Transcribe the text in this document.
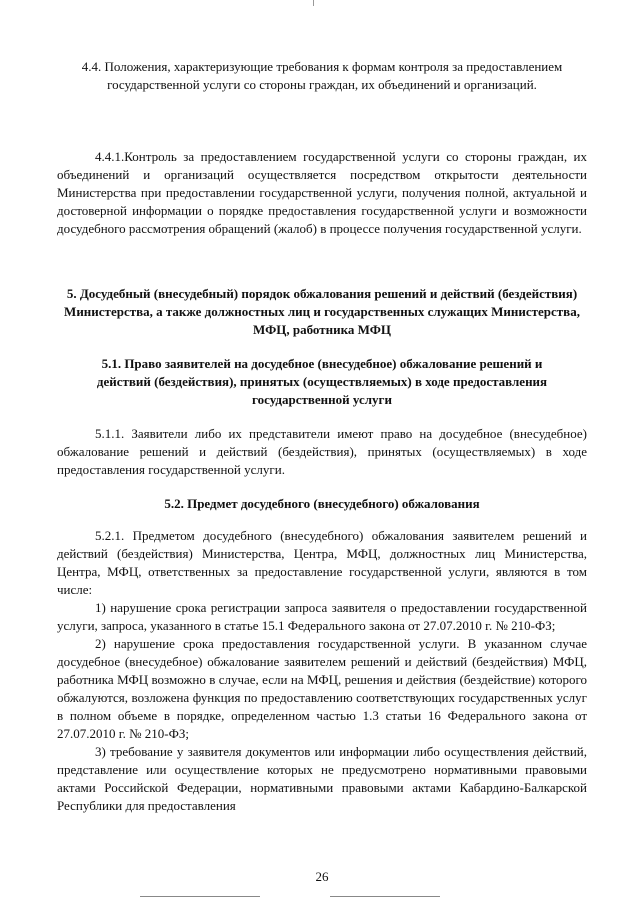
4.4. Положения, характеризующие требования к формам контроля за предоставлением государственной услуги со стороны граждан, их объединений и организаций.

4.4.1.Контроль за предоставлением государственной услуги со стороны граждан, их объединений и организаций осуществляется посредством открытости деятельности Министерства при предоставлении государственной услуги, получения полной, актуальной и достоверной информации о порядке предоставления государственной услуги и возможности досудебного рассмотрения обращений (жалоб) в процессе получения государственной услуги.

5. Досудебный (внесудебный) порядок обжалования решений и действий (бездействия) Министерства, а также должностных лиц и государственных служащих Министерства, МФЦ, работника МФЦ

5.1. Право заявителей на досудебное (внесудебное) обжалование решений и действий (бездействия), принятых (осуществляемых) в ходе предоставления государственной услуги

5.1.1. Заявители либо их представители имеют право на досудебное (внесудебное) обжалование решений и действий (бездействия), принятых (осуществляемых) в ходе предоставления государственной услуги.

5.2. Предмет досудебного (внесудебного) обжалования

5.2.1. Предметом досудебного (внесудебного) обжалования заявителем решений и действий (бездействия) Министерства, Центра, МФЦ, должностных лиц Министерства, Центра, МФЦ, ответственных за предоставление государственной услуги, являются в том числе:

1) нарушение срока регистрации запроса заявителя о предоставлении государственной услуги, запроса, указанного в статье 15.1 Федерального закона от 27.07.2010 г. № 210-ФЗ;

2) нарушение срока предоставления государственной услуги. В указанном случае досудебное (внесудебное) обжалование заявителем решений и действий (бездействия) МФЦ, работника МФЦ возможно в случае, если на МФЦ, решения и действия (бездействие) которого обжалуются, возложена функция по предоставлению соответствующих государственных услуг в полном объеме в порядке, определенном частью 1.3 статьи 16 Федерального закона от 27.07.2010 г. № 210-ФЗ;

3) требование у заявителя документов или информации либо осуществления действий, представление или осуществление которых не предусмотрено нормативными правовыми актами Российской Федерации, нормативными правовыми актами Кабардино-Балкарской Республики для предоставления

26
